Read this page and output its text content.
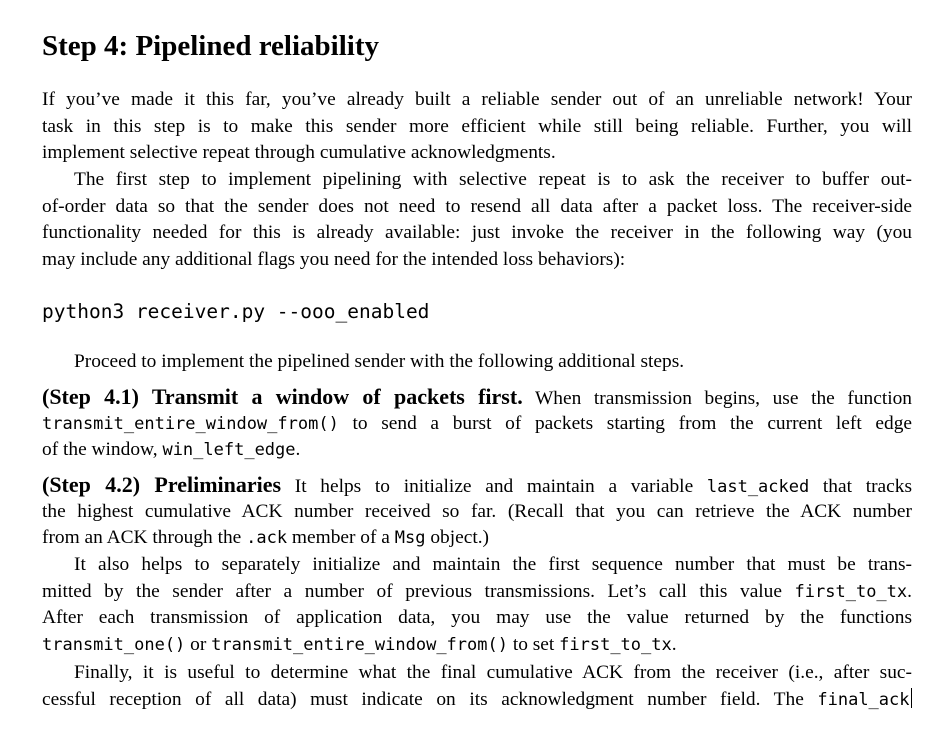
Step 4: Pipelined reliability
If you’ve made it this far, you’ve already built a reliable sender out of an unreliable network! Your
task in this step is to make this sender more efficient while still being reliable. Further, you will
implement selective repeat through cumulative acknowledgments.
The first step to implement pipelining with selective repeat is to ask the receiver to buffer out-
of-order data so that the sender does not need to resend all data after a packet loss. The receiver-side
functionality needed for this is already available: just invoke the receiver in the following way (you
may include any additional flags you need for the intended loss behaviors):
python3 receiver.py --ooo_enabled
Proceed to implement the pipelined sender with the following additional steps.
(Step 4.1) Transmit a window of packets first. When transmission begins, use the function
transmit_entire_window_from() to send a burst of packets starting from the current left edge
of the window, win_left_edge.
(Step 4.2) Preliminaries It helps to initialize and maintain a variable last_acked that tracks
the highest cumulative ACK number received so far. (Recall that you can retrieve the ACK number
from an ACK through the .ack member of a Msg object.)
It also helps to separately initialize and maintain the first sequence number that must be trans-
mitted by the sender after a number of previous transmissions. Let’s call this value first_to_tx.
After each transmission of application data, you may use the value returned by the functions
transmit_one() or transmit_entire_window_from() to set first_to_tx.
Finally, it is useful to determine what the final cumulative ACK from the receiver (i.e., after suc-
cessful reception of all data) must indicate on its acknowledgment number field. The final_ack
